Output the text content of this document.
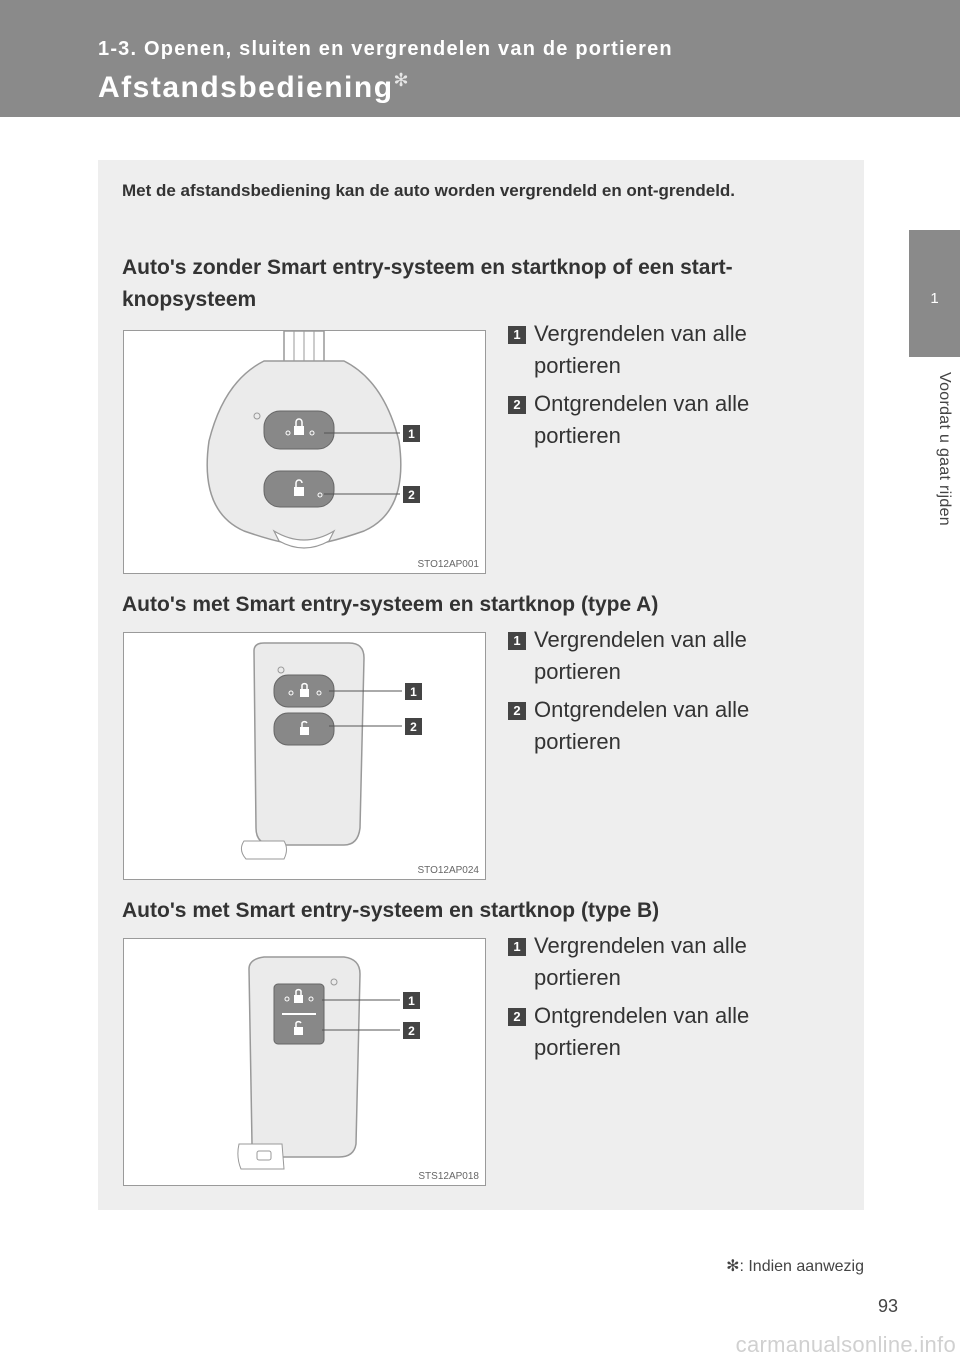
1-3. Openen, sluiten en vergrendelen van de portieren
Afstandsbediening✻
1
Voordat u gaat rijden
Met de afstandsbediening kan de auto worden vergrendeld en ont-grendeld.
Auto's zonder Smart entry-systeem en startknop of een start-knopsysteem
1
2
STO12AP001
1 Vergrendelen van alle portieren
2 Ontgrendelen van alle portieren
Auto's met Smart entry-systeem en startknop (type A)
1
2
STO12AP024
1 Vergrendelen van alle portieren
2 Ontgrendelen van alle portieren
Auto's met Smart entry-systeem en startknop (type B)
1
2
STS12AP018
1 Vergrendelen van alle portieren
2 Ontgrendelen van alle portieren
✻: Indien aanwezig
93
carmanualsonline.info
